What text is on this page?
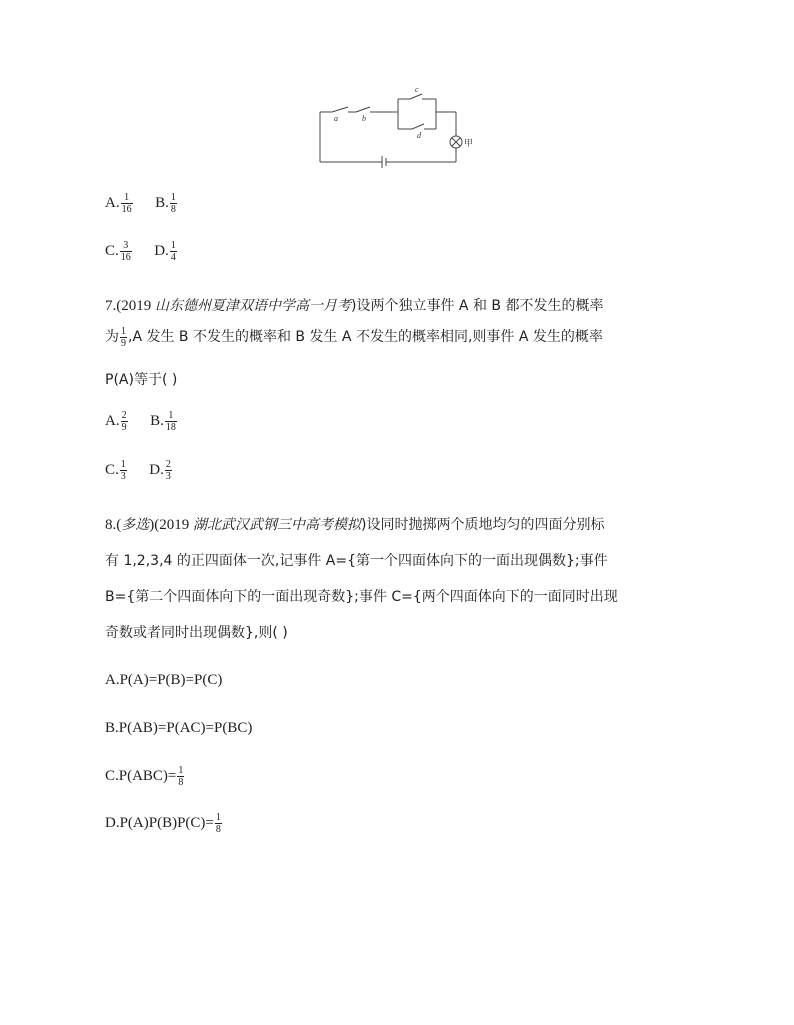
a	b
c
d
甲
A. $\frac{1}{16} B$. $\frac{1}{8}$
C. $\frac{3}{16} D$. $\frac{1}{4}$
7.(2019 山东德州夏津双语中学高一月考)设两个独立事件 A 和 B 都不发生的概率
为 $\frac{1}{9} ,A$ 发生 B 不发生的概率和 B 发生 A 不发生的概率相同,则事件 A 发生的概率
P(A)等于( )
A. $\frac{2}{9} B$. $\frac{1}{18}$
C. $\frac{1}{3} D$. $\frac{2}{3}$
8.(多选)(2019 湖北武汉武钢三中高考模拟)设同时抛掷两个质地均匀的四面分别标
有 1,2,3,4 的正四面体一次,记事件 A={第一个四面体向下的一面出现偶数};事件
B={第二个四面体向下的一面出现奇数};事件 C={两个四面体向下的一面同时出现
奇数或者同时出现偶数},则( )
A.P(A)=P(B)=P(C)
B.P(AB)=P(AC)=P(BC)
$C.P(ABC)= \frac{1}{8}$
$D.P(A)P(B)P(C)= \frac{1}{8}$
